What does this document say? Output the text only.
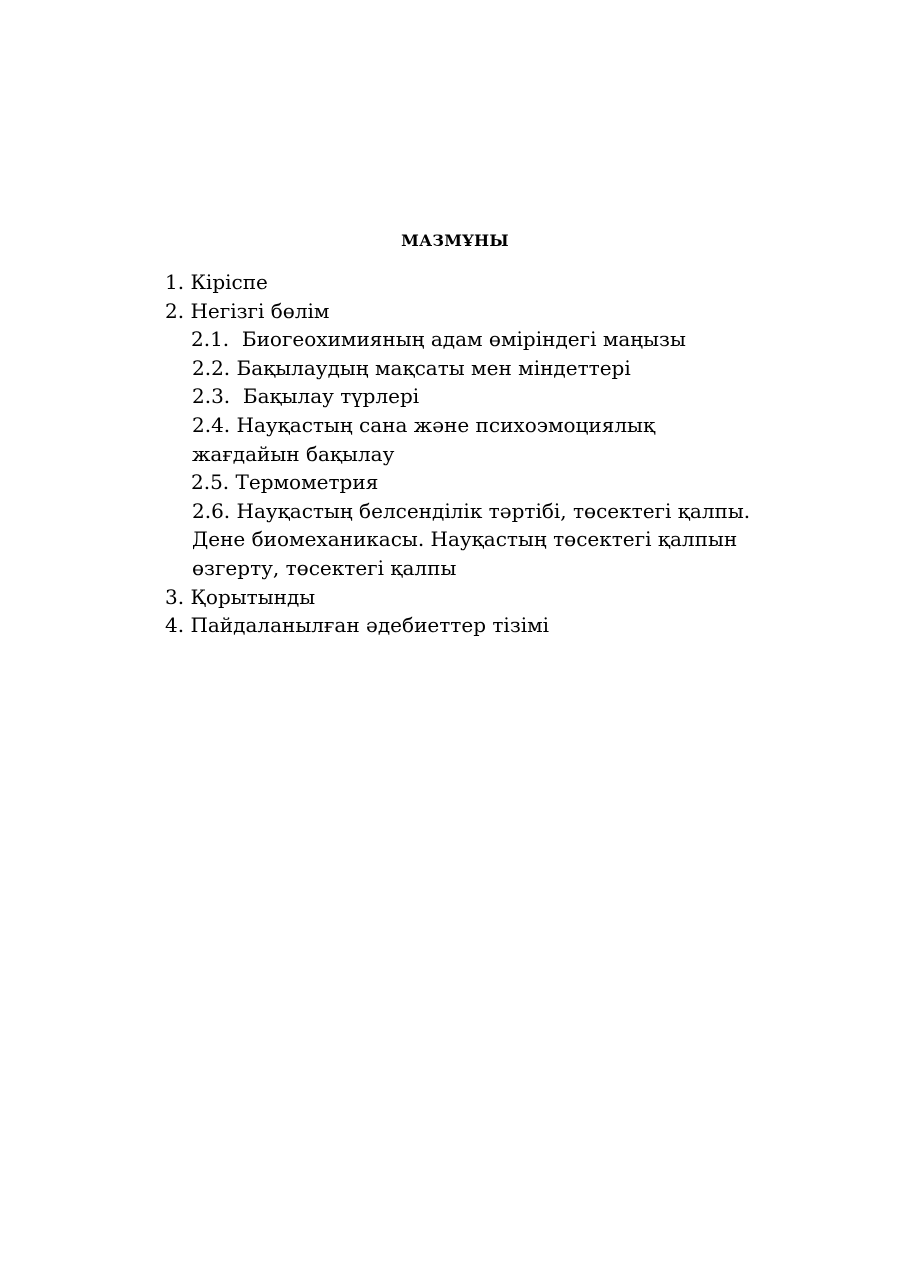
МАЗМҰНЫ
1. Кіріспе
2. Негізгі бөлім
2.1.  Биогеохимияның адам өміріндегі маңызы
2.2. Бақылаудың мақсаты мен міндеттері
2.3.  Бақылау түрлері
2.4. Науқастың сана және психоэмоциялық жағдайын бақылау
2.5. Термометрия
2.6. Науқастың белсенділік тәртібі, төсектегі қалпы. Дене биомеханикасы. Науқастың төсектегі қалпын өзгерту, төсектегі қалпы
3. Қорытынды
4. Пайдаланылған әдебиеттер тізімі
